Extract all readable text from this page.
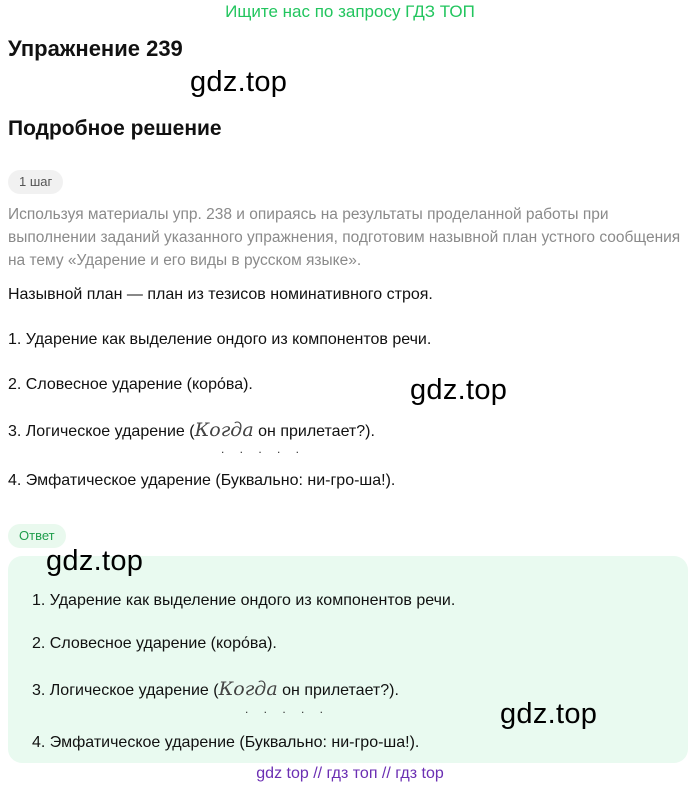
Ищите нас по запросу ГДЗ ТОП
Упражнение 239
gdz.top
Подробное решение
1 шаг
Используя материалы упр. 238 и опираясь на результаты проделанной работы при выполнении заданий указанного упражнения, подготовим назывной план устного сообщения на тему «Ударение и его виды в русском языке».
Назывной план — план из тезисов номинативного строя.
1. Ударение как выделение ондого из компонентов речи.
2. Словесное ударение (коро́ва).	gdz.top
3. Логическое ударение (Когда он прилетает?).
. . . . .
4. Эмфатическое ударение (Буквально: ни-гро-ша!).
Ответ
gdz.top
1. Ударение как выделение ондого из компонентов речи.
2. Словесное ударение (коро́ва).
3. Логическое ударение (Когда он прилетает?).
. . . . .	gdz.top
4. Эмфатическое ударение (Буквально: ни-гро-ша!).
gdz top // гдз топ // гдз top
